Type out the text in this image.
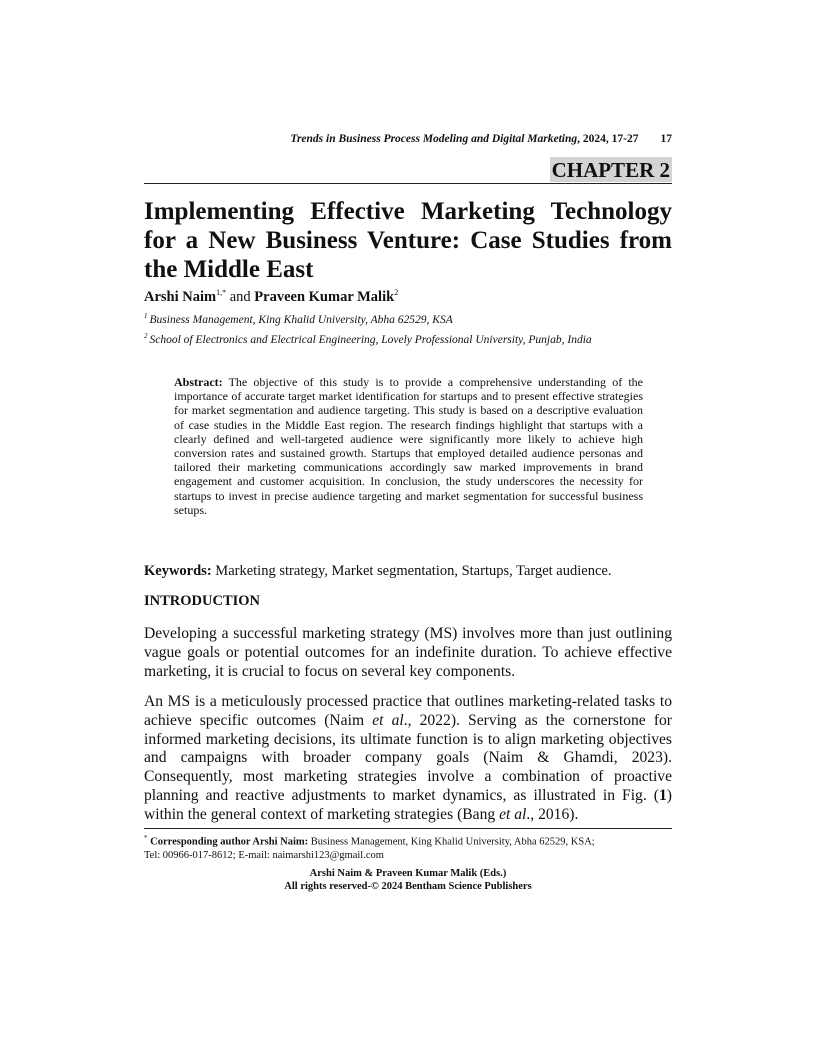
Trends in Business Process Modeling and Digital Marketing, 2024, 17-27 17
CHAPTER 2
Implementing Effective Marketing Technology for a New Business Venture: Case Studies from the Middle East
Arshi Naim$^{1,*}$ and Praveen Kumar Malik$^2$
$^1$ Business Management, King Khalid University, Abha 62529, KSA
$^2$ School of Electronics and Electrical Engineering, Lovely Professional University, Punjab, India
Abstract: The objective of this study is to provide a comprehensive understanding of the importance of accurate target market identification for startups and to present effective strategies for market segmentation and audience targeting. This study is based on a descriptive evaluation of case studies in the Middle East region. The research findings highlight that startups with a clearly defined and well-targeted audience were significantly more likely to achieve high conversion rates and sustained growth. Startups that employed detailed audience personas and tailored their marketing communications accordingly saw marked improvements in brand engagement and customer acquisition. In conclusion, the study underscores the necessity for startups to invest in precise audience targeting and market segmentation for successful business setups.
Keywords: Marketing strategy, Market segmentation, Startups, Target audience.
INTRODUCTION

Developing a successful marketing strategy (MS) involves more than just outlining vague goals or potential outcomes for an indefinite duration. To achieve effective marketing, it is crucial to focus on several key components.

An MS is a meticulously processed practice that outlines marketing-related tasks to achieve specific outcomes (Naim et al., 2022). Serving as the cornerstone for informed marketing decisions, its ultimate function is to align marketing objectives and campaigns with broader company goals (Naim & Ghamdi, 2023). Consequently, most marketing strategies involve a combination of proactive planning and reactive adjustments to market dynamics, as illustrated in Fig. (1) within the general context of marketing strategies (Bang et al., 2016).

* Corresponding author Arshi Naim: Business Management, King Khalid University, Abha 62529, KSA;
Tel: 00966-017-8612; E-mail: naimarshi123@gmail.com
Arshi Naim & Praveen Kumar Malik (Eds.)
All rights reserved-© 2024 Bentham Science Publishers
